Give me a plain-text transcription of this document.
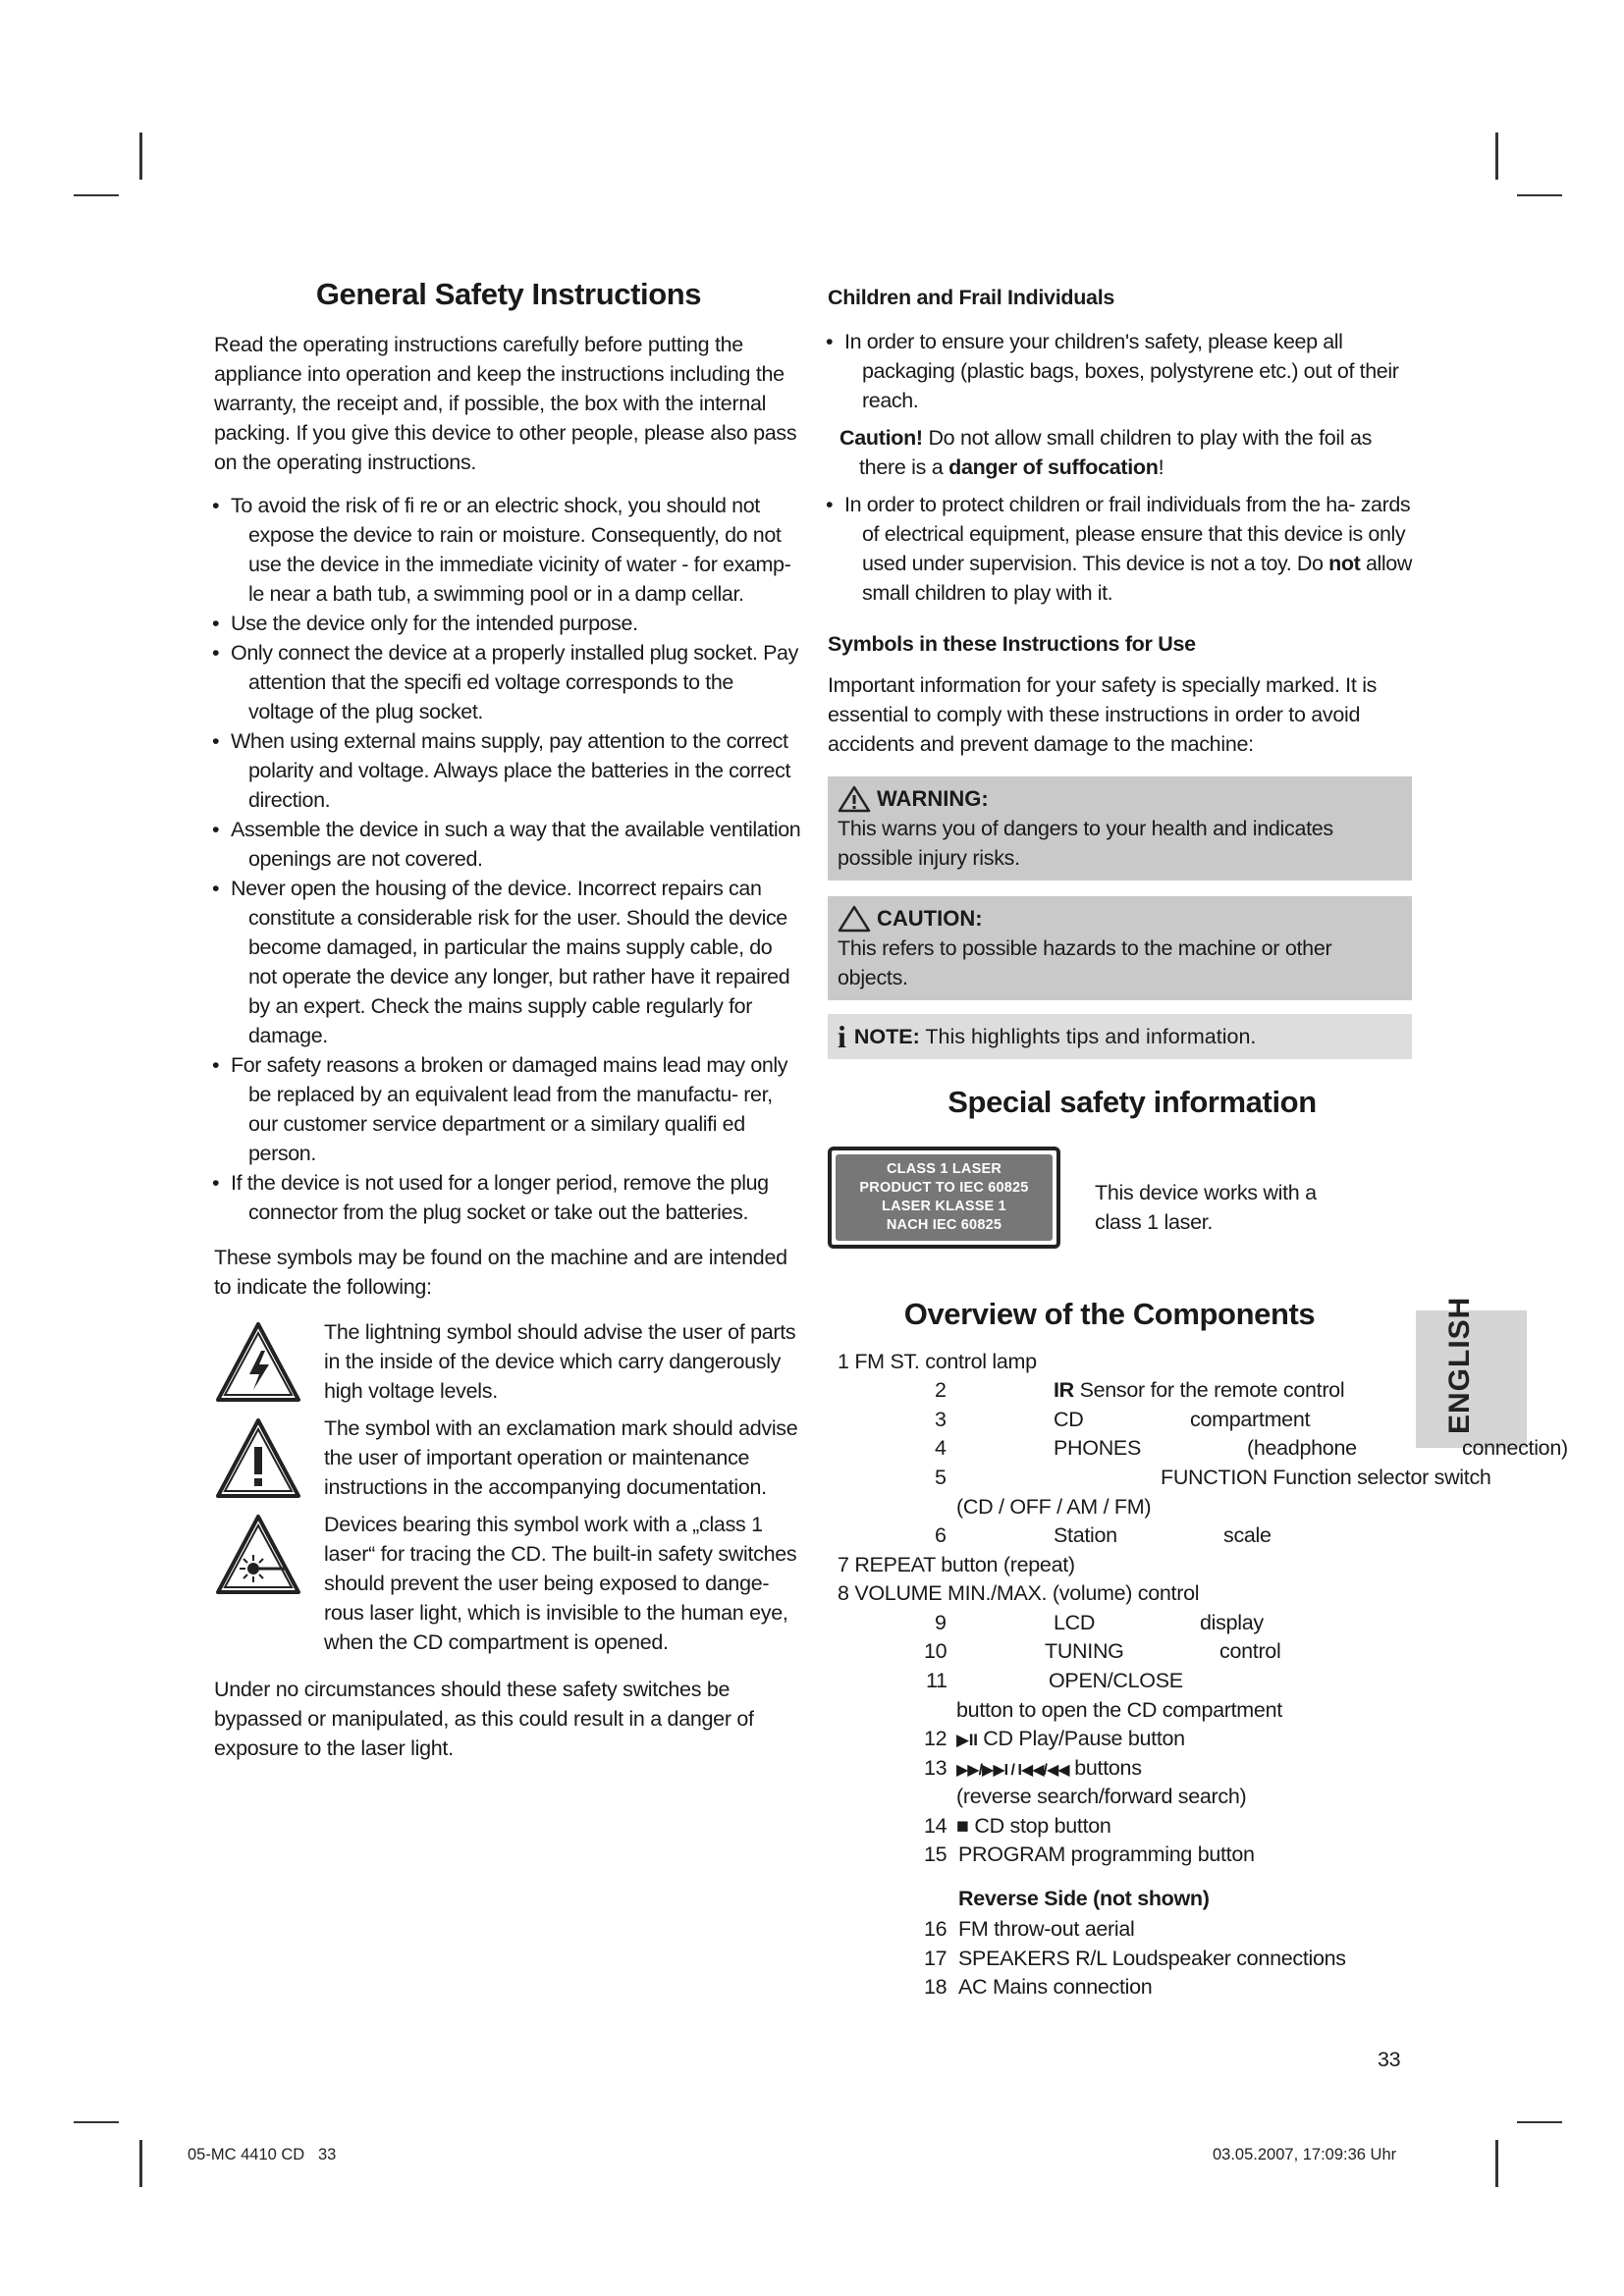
General Safety Instructions

Read the operating instructions carefully before putting the appliance into operation and keep the instructions including the warranty, the receipt and, if possible, the box with the internal packing. If you give this device to other people, please also pass on the operating instructions.

• To avoid the risk of fi re or an electric shock, you should not expose the device to rain or moisture. Consequently, do not use the device in the immediate vicinity of water - for examp- le near a bath tub, a swimming pool or in a damp cellar.
• Use the device only for the intended purpose.
• Only connect the device at a properly installed plug socket. Pay attention that the specifi ed voltage corresponds to the voltage of the plug socket.
• When using external mains supply, pay attention to the correct polarity and voltage. Always place the batteries in the correct direction.
• Assemble the device in such a way that the available ventilation openings are not covered.
• Never open the housing of the device. Incorrect repairs can constitute a considerable risk for the user. Should the device become damaged, in particular the mains supply cable, do not operate the device any longer, but rather have it repaired by an expert. Check the mains supply cable regularly for damage.
• For safety reasons a broken or damaged mains lead may only be replaced by an equivalent lead from the manufactu- rer, our customer service department or a similary qualifi ed person.
• If the device is not used for a longer period, remove the plug connector from the plug socket or take out the batteries.

These symbols may be found on the machine and are intended to indicate the following:

The lightning symbol should advise the user of parts in the inside of the device which carry dangerously high voltage levels.

The symbol with an exclamation mark should advise the user of important operation or maintenance instructions in the accompanying documentation.

Devices bearing this symbol work with a „class 1 laser“ for tracing the CD. The built-in safety switches should prevent the user being exposed to dange- rous laser light, which is invisible to the human eye, when the CD compartment is opened.

Under no circumstances should these safety switches be bypassed or manipulated, as this could result in a danger of exposure to the laser light.

Children and Frail Individuals
• In order to ensure your children's safety, please keep all packaging (plastic bags, boxes, polystyrene etc.) out of their reach.

Caution! Do not allow small children to play with the foil as there is a danger of suffocation!

• In order to protect children or frail individuals from the ha- zards of electrical equipment, please ensure that this device is only used under supervision. This device is not a toy. Do not allow small children to play with it.
Symbols in these Instructions for Use

Important information for your safety is specially marked. It is essential to comply with these instructions in order to avoid accidents and prevent damage to the machine:

WARNING:
This warns you of dangers to your health and indicates possible injury risks.
CAUTION:
This refers to possible hazards to the machine or other objects.
i NOTE: This highlights tips and information.
Special safety information
CLASS 1 LASER
PRODUCT TO IEC 60825
LASER KLASSE 1
NACH IEC 60825

This device works with a class 1 laser.

Overview of the Components	ENGLISH
1 FM ST. control lamp
2	IR Sensor for the remote control
3	CD	compartment
4	PHONES	(headphone	connection)
5	FUNCTION Function selector switch
(CD / OFF / AM / FM)
6	Station	scale
7 REPEAT button (repeat)
8 VOLUME MIN./MAX. (volume) control
9	LCD	display
10	TUNING	control
11	OPEN/CLOSE
button to open the CD compartment
12 ▶II CD Play/Pause button
13 ▶▶/▶▶I / I◀◀/◀◀ buttons
(reverse search/forward search)
14 ■ CD stop button
15 PROGRAM programming button
Reverse Side (not shown)
16 FM throw-out aerial
17 SPEAKERS R/L Loudspeaker connections
18 AC Mains connection
33
05-MC 4410 CD   33	03.05.2007, 17:09:36 Uhr
